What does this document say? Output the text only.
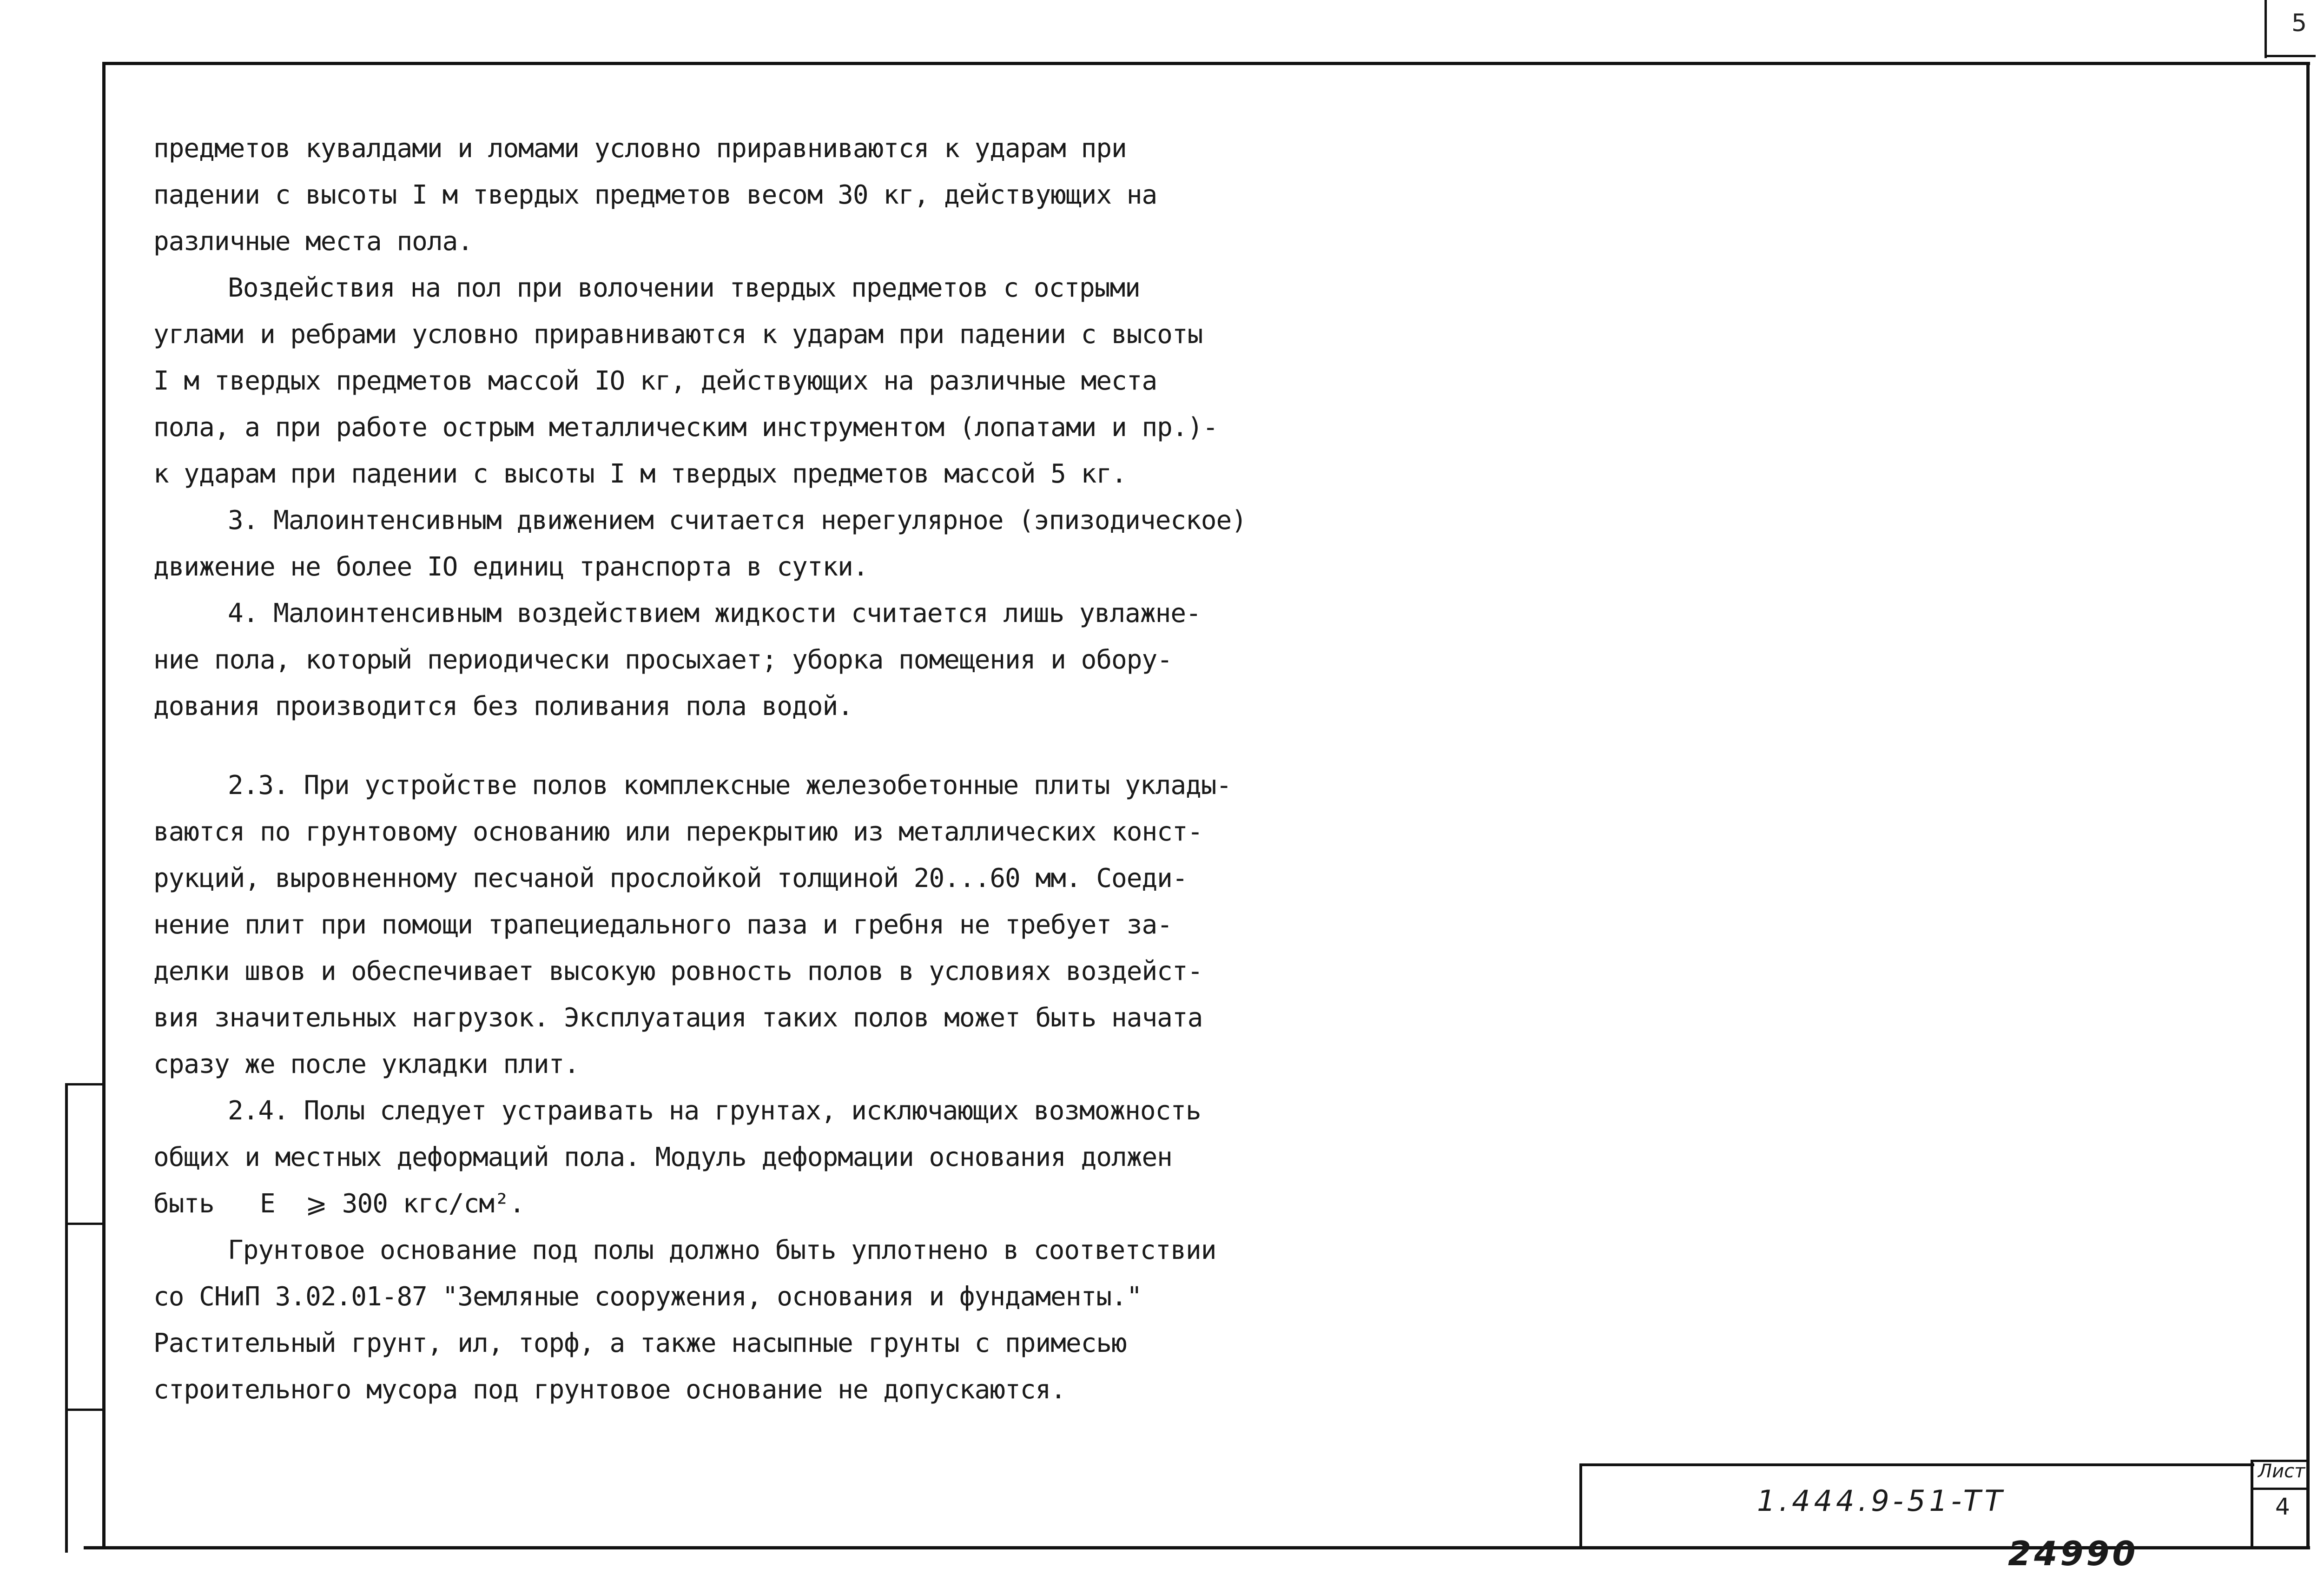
5
предметов кувалдами и ломами условно приравниваются к ударам при
падении с высоты I м твердых предметов весом 30 кг, действующих на
различные места пола.
Воздействия на пол при волочении твердых предметов с острыми
углами и ребрами условно приравниваются к ударам при падении с высоты
I м твердых предметов массой IO кг, действующих на различные места
пола, а при работе острым металлическим инструментом (лопатами и пр.)-
к ударам при падении с высоты I м твердых предметов массой 5 кг.
3. Малоинтенсивным движением считается нерегулярное (эпизодическое)
движение не более IO единиц транспорта в сутки.
4. Малоинтенсивным воздействием жидкости считается лишь увлажне-
ние пола, который периодически просыхает; уборка помещения и обору-
дования производится без поливания пола водой.
2.3. При устройстве полов комплексные железобетонные плиты уклады-
ваются по грунтовому основанию или перекрытию из металлических конст-
рукций, выровненному песчаной прослойкой толщиной 20...60 мм. Соеди-
нение плит при помощи трапециедального паза и гребня не требует за-
делки швов и обеспечивает высокую ровность полов в условиях воздейст-
вия значительных нагрузок. Эксплуатация таких полов может быть начата
сразу же после укладки плит.
2.4. Полы следует устраивать на грунтах, исключающих возможность
общих и местных деформаций пола. Модуль деформации основания должен
быть   E  ⩾ 300 кгс/см².
Грунтовое основание под полы должно быть уплотнено в соответствии
со СНиП 3.02.01-87 "Земляные сооружения, основания и фундаменты."
Растительный грунт, ил, торф, а также насыпные грунты с примесью
строительного мусора под грунтовое основание не допускаются.
1.444.9-51-TT
Лист
4
24990
